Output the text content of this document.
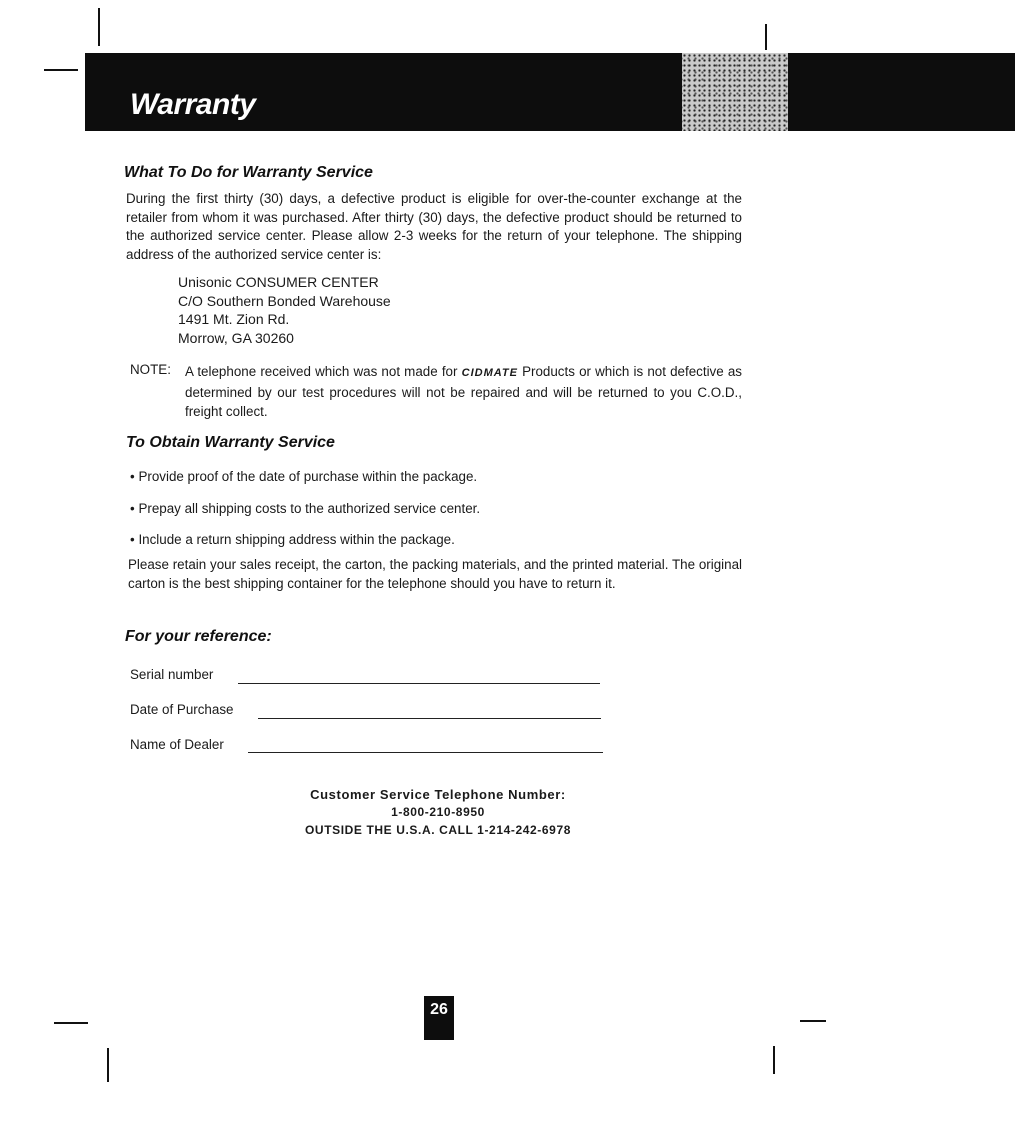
Warranty
What To Do for Warranty Service

During the first thirty (30) days, a defective product is eligible for over-the-counter exchange at the retailer from whom it was purchased. After thirty (30) days, the defective product should be returned to the authorized service center. Please allow 2-3 weeks for the return of your telephone. The shipping address of the authorized service center is:

Unisonic CONSUMER CENTER
C/O Southern Bonded Warehouse
1491 Mt. Zion Rd.
Morrow, GA 30260
NOTE: A telephone received which was not made for CIDMATE Products or which is not defective as determined by our test procedures will not be repaired and will be returned to you C.O.D., freight collect.

To Obtain Warranty Service
• Provide proof of the date of purchase within the package.
• Prepay all shipping costs to the authorized service center.
• Include a return shipping address within the package.

Please retain your sales receipt, the carton, the packing materials, and the printed material. The original carton is the best shipping container for the telephone should you have to return it.

For your reference:
Serial number
Date of Purchase
Name of Dealer
Customer Service Telephone Number:
1-800-210-8950
OUTSIDE THE U.S.A. CALL 1-214-242-6978
26
